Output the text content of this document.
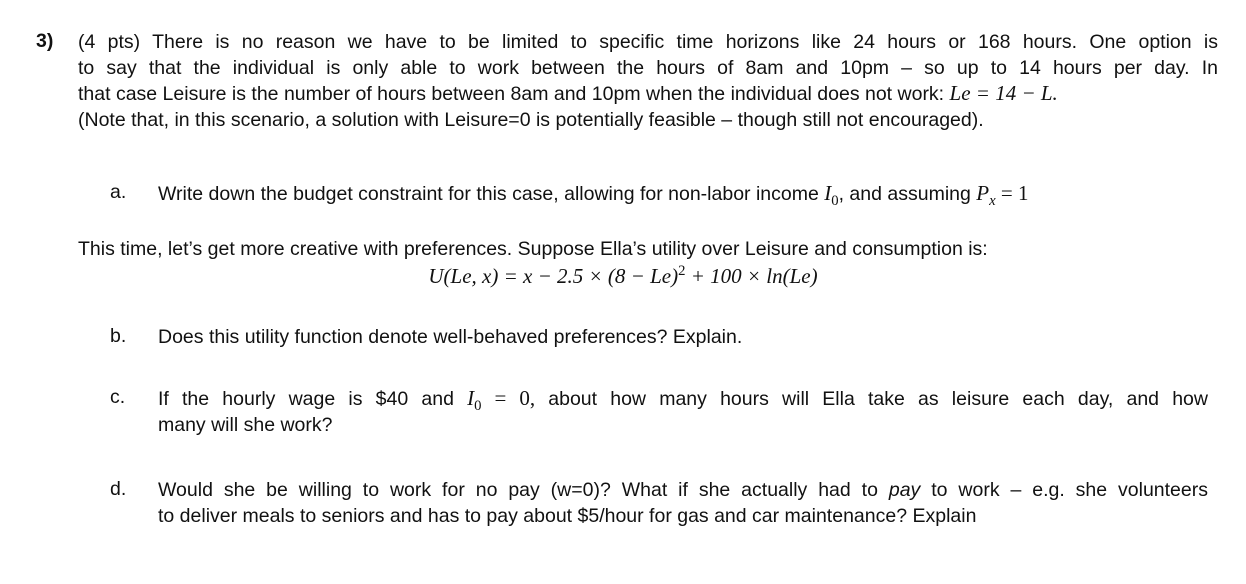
3) (4 pts) There is no reason we have to be limited to specific time horizons like 24 hours or 168 hours. One option is
to say that the individual is only able to work between the hours of 8am and 10pm – so up to 14 hours per day. In
that case Leisure is the number of hours between 8am and 10pm when the individual does not work: Le = 14 − L.
(Note that, in this scenario, a solution with Leisure=0 is potentially feasible – though still not encouraged).
a. Write down the budget constraint for this case, allowing for non-labor income $I_0$, and assuming $P_x = 1$
This time, let’s get more creative with preferences. Suppose Ella’s utility over Leisure and consumption is:
U(Le, $x) = x - 2.5 \times (8 - Le)^2 + 100 \times \ln(Le)$
b. Does this utility function denote well-behaved preferences? Explain.
c. If the hourly wage is $40 and $I_0 = 0$, about how many hours will Ella take as leisure each day, and how
many will she work?
d. Would she be willing to work for no pay (w=0)? What if she actually had to pay to work – e.g. she volunteers
to deliver meals to seniors and has to pay about $5/hour for gas and car maintenance? Explain
